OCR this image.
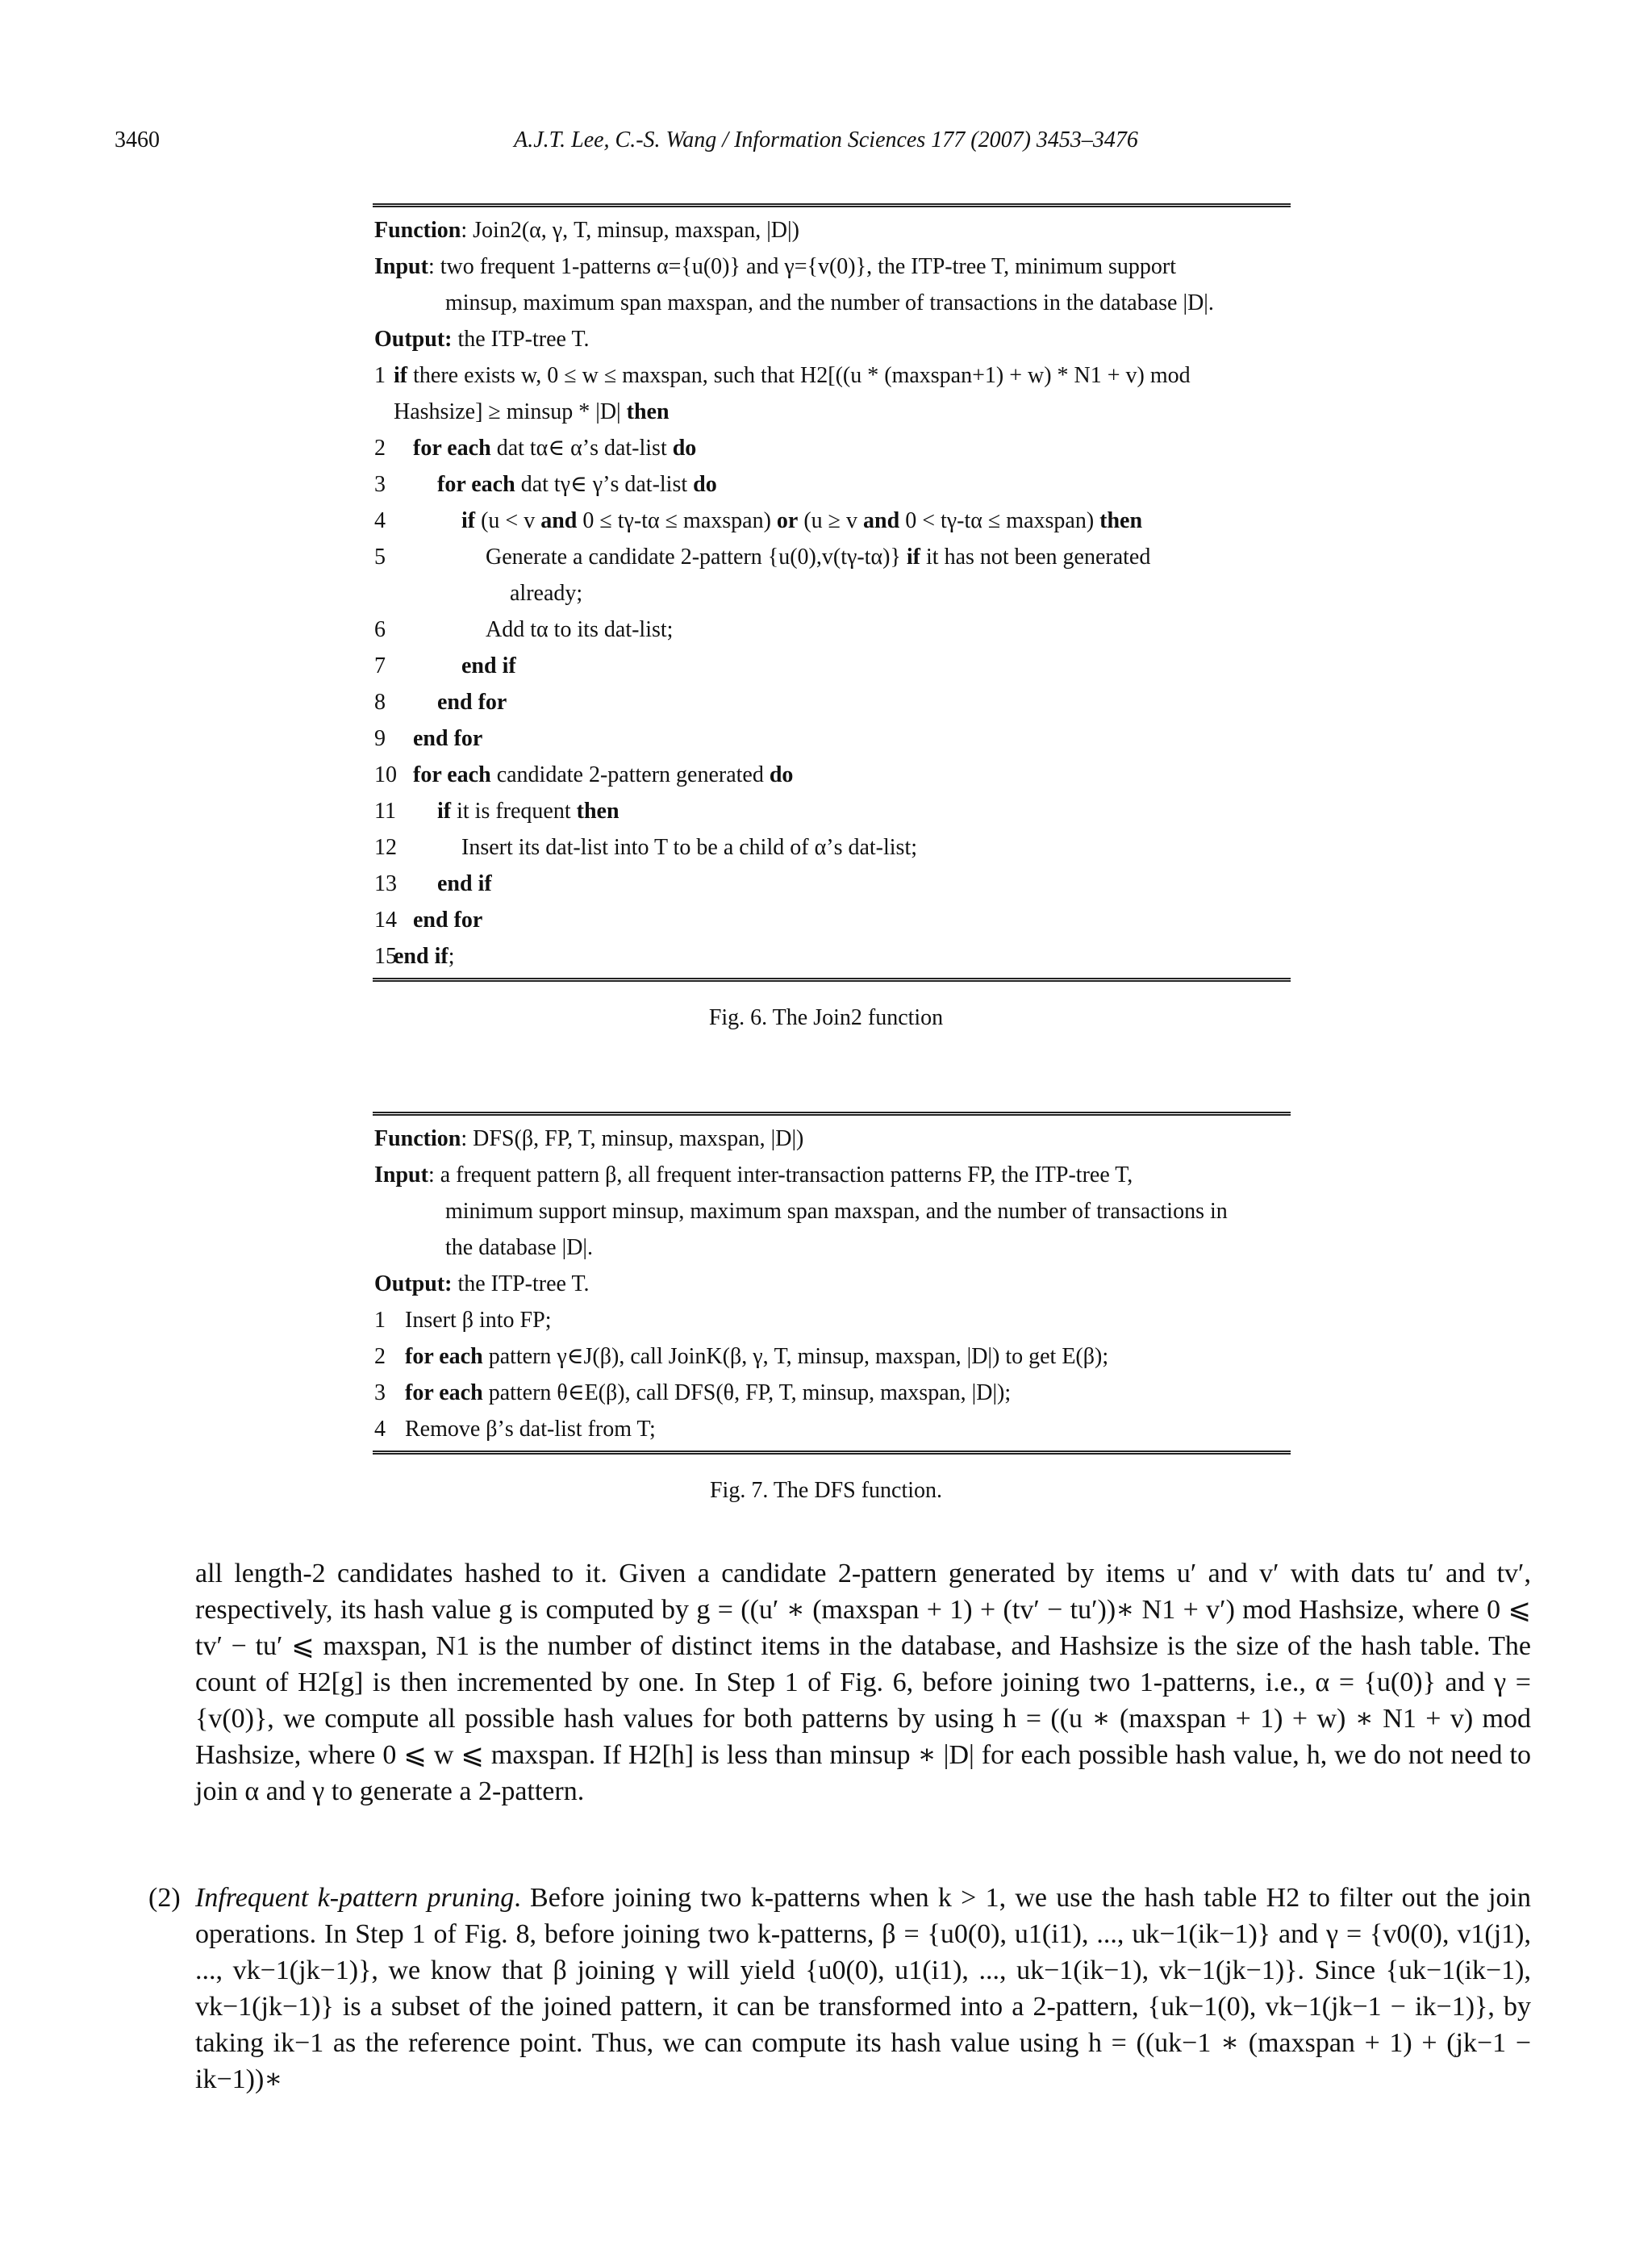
3460	A.J.T. Lee, C.-S. Wang / Information Sciences 177 (2007) 3453–3476
Function: Join2(α, γ, T, minsup, maxspan, |D|)
Input: two frequent 1-patterns α={u(0)} and γ={v(0)}, the ITP-tree T, minimum support
minsup, maximum span maxspan, and the number of transactions in the database |D|.
Output: the ITP-tree T.
1 if there exists w, 0 ≤ w ≤ maxspan, such that H2[((u * (maxspan+1) + w) * N1 + v) mod
Hashsize] ≥ minsup * |D| then
2 for each dat tα∈ α’s dat-list do
3 for each dat tγ∈ γ’s dat-list do
4	if (u < v and 0 ≤ tγ-tα ≤ maxspan) or (u ≥ v and 0 < tγ-tα ≤ maxspan) then
5	Generate a candidate 2-pattern {u(0),v(tγ-tα)} if it has not been generated
already;
6	Add tα to its dat-list;
7	end if
8 end for
9 end for
10 for each candidate 2-pattern generated do
11 if it is frequent then
12	Insert its dat-list into T to be a child of α’s dat-list;
13 end if
14 end for
15
end if;
Fig. 6. The Join2 function
Function: DFS(β, FP, T, minsup, maxspan, |D|)
Input: a frequent pattern β, all frequent inter-transaction patterns FP, the ITP-tree T,
minimum support minsup, maximum span maxspan, and the number of transactions in
the database |D|.
Output: the ITP-tree T.
1 Insert β into FP;
2 for each pattern γ∈J(β), call JoinK(β, γ, T, minsup, maxspan, |D|) to get E(β);
3 for each pattern θ∈E(β), call DFS(θ, FP, T, minsup, maxspan, |D|);
4 Remove β’s dat-list from T;
Fig. 7. The DFS function.
all length-2 candidates hashed to it. Given a candidate 2-pattern generated by items u′ and v′ with dats tu′ and tv′, respectively, its hash value g is computed by g = ((u′ ∗ (maxspan + 1) + (tv′ − tu′))∗ N1 + v′) mod Hashsize, where 0 ⩽ tv′ − tu′ ⩽ maxspan, N1 is the number of distinct items in the database, and Hashsize is the size of the hash table. The count of H2[g] is then incremented by one. In Step 1 of Fig. 6, before joining two 1-patterns, i.e., α = {u(0)} and γ = {v(0)}, we compute all possible hash values for both patterns by using h = ((u ∗ (maxspan + 1) + w) ∗ N1 + v) mod Hashsize, where 0 ⩽ w ⩽ maxspan. If H2[h] is less than minsup ∗ |D| for each possible hash value, h, we do not need to join α and γ to generate a 2-pattern.
(2) Infrequent k-pattern pruning. Before joining two k-patterns when k > 1, we use the hash table H2 to filter out the join operations. In Step 1 of Fig. 8, before joining two k-patterns, β = {u0(0), u1(i1), ..., uk−1(ik−1)} and γ = {v0(0), v1(j1), ..., vk−1(jk−1)}, we know that β joining γ will yield {u0(0), u1(i1), ..., uk−1(ik−1), vk−1(jk−1)}. Since {uk−1(ik−1), vk−1(jk−1)} is a subset of the joined pattern, it can be transformed into a 2-pattern, {uk−1(0), vk−1(jk−1 − ik−1)}, by taking ik−1 as the reference point. Thus, we can compute its hash value using h = ((uk−1 ∗ (maxspan + 1) + (jk−1 − ik−1))∗
